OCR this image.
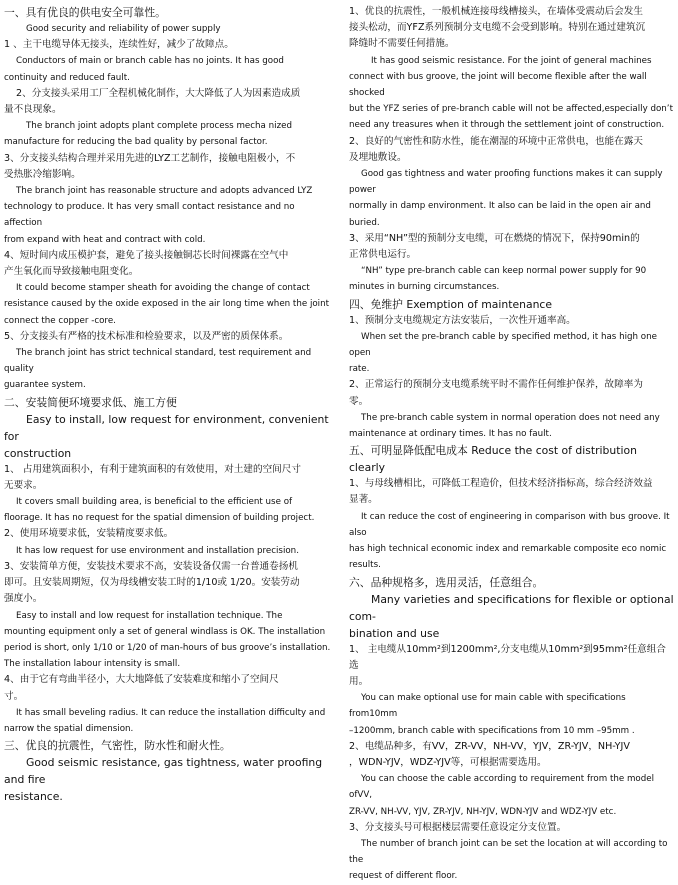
一、具有优良的供电安全可靠性。

Good security and reliability of power supply

1 、主干电缆导体无接头，连续性好，减少了故障点。

Conductors of main or branch cable has no joints. It has good

continuity and reduced fault.

2、分支接头采用工厂全程机械化制作，大大降低了人为因素造成质

量不良现象。

The branch joint adopts plant complete process mecha nized

manufacture for reducing the bad quality by personal factor.

3、分支接头结构合理并采用先进的LYZ工艺制作，接触电阻极小，不

受热胀冷缩影响。

The branch joint has reasonable structure and adopts advanced LYZ

technology to produce. It has very small contact resistance and no affection

from expand with heat and contract with cold.

4、短时间内成压模护套，避免了接头接触铜芯长时间裸露在空气中

产生氧化而导致接触电阻变化。

It could become stamper sheath for avoiding the change of contact

resistance caused by the oxide exposed in the air long time when the joint

connect the copper -core.

5、分支接头有严格的技术标准和检验要求，以及严密的质保体系。

The branch joint has strict technical standard, test requirement and quality

guarantee system.

二、安装简便环境要求低、施工方便

Easy to install, low request for environment, convenient for

construction

1、 占用建筑面积小，有利于建筑面积的有效使用，对土建的空间尺寸

无要求。

It covers small building area, is beneficial to the efficient use of

floorage. It has no request for the spatial dimension of building project.

2、使用环境要求低，安装精度要求低。

It has low request for use environment and installation precision.

3、安装简单方便，安装技术要求不高，安装设备仅需一台普通卷扬机

即可。且安装周期短，仅为母线槽安装工时的1/10或 1/20。安装劳动

强度小。

Easy to install and low request for installation technique. The

mounting equipment only a set of general windlass is OK. The installation

period is short, only 1/10 or 1/20 of man-hours of bus groove’s installation.

The installation labour intensity is small.

4、由于它有弯曲半径小，大大地降低了安装难度和缩小了空间尺

寸。

It has small beveling radius. It can reduce the installation difficulty and

narrow the spatial dimension.

三、优良的抗震性，气密性，防水性和耐火性。

Good seismic resistance, gas tightness, water proofing and fire

resistance.

1、优良的抗震性，一般机械连接母线槽接头，在墙体受震动后会发生

接头松动，而YFZ系列预制分支电缆不会受到影响。特别在通过建筑沉

降缝时不需要任何措施。

It has good seismic resistance. For the joint of general machines

connect with bus groove, the joint will become flexible after the wall shocked

but the YFZ series of pre-branch cable will not be affected,especially don’t

need any treasures when it through the settlement joint of construction.

2、良好的气密性和防水性，能在潮湿的环境中正常供电，也能在露天

及埋地敷设。

Good gas tightness and water proofing functions makes it can supply power

normally in damp environment. It also can be laid in the open air and buried.

3、采用“NH”型的预制分支电缆，可在燃烧的情况下，保持90min的

正常供电运行。

“NH” type pre-branch cable can keep normal power supply for 90

minutes in burning circumstances.

四、免维护 Exemption of maintenance

1、预制分支电缆规定方法安装后，一次性开通率高。

When set the pre-branch cable by specified method, it has high one open

rate.

2、正常运行的预制分支电缆系统平时不需作任何维护保养，故障率为

零。

The pre-branch cable system in normal operation does not need any

maintenance at ordinary times. It has no fault.

五、可明显降低配电成本 Reduce the cost of distribution clearly

1、与母线槽相比，可降低工程造价，但技术经济指标高，综合经济效益

显著。

It can reduce the cost of engineering in comparison with bus groove. It also

has high technical economic index and remarkable composite eco nomic results.

六、品种规格多，选用灵活，任意组合。

Many varieties and specifications for flexible or optional com-

bination and use

1、 主电缆从10mm²到1200mm²,分支电缆从10mm²到95mm²任意组合选

用。

You can make optional use for main cable with specifications from10mm

–1200mm, branch cable with specifications from 10 mm –95mm .

2、电缆品种多，有VV，ZR-VV，NH-VV，YJV，ZR-YJV，NH-YJV

，WDN-YJV，WDZ-YJV等，可根据需要选用。

You can choose the cable according to requirement from the model ofVV,

ZR-VV, NH-VV, YJV, ZR-YJV, NH-YJV, WDN-YJV and WDZ-YJV etc.

3、分支接头号可根据楼层需要任意设定分支位置。

The number of branch joint can be set the location at will according to the

request of different floor.
